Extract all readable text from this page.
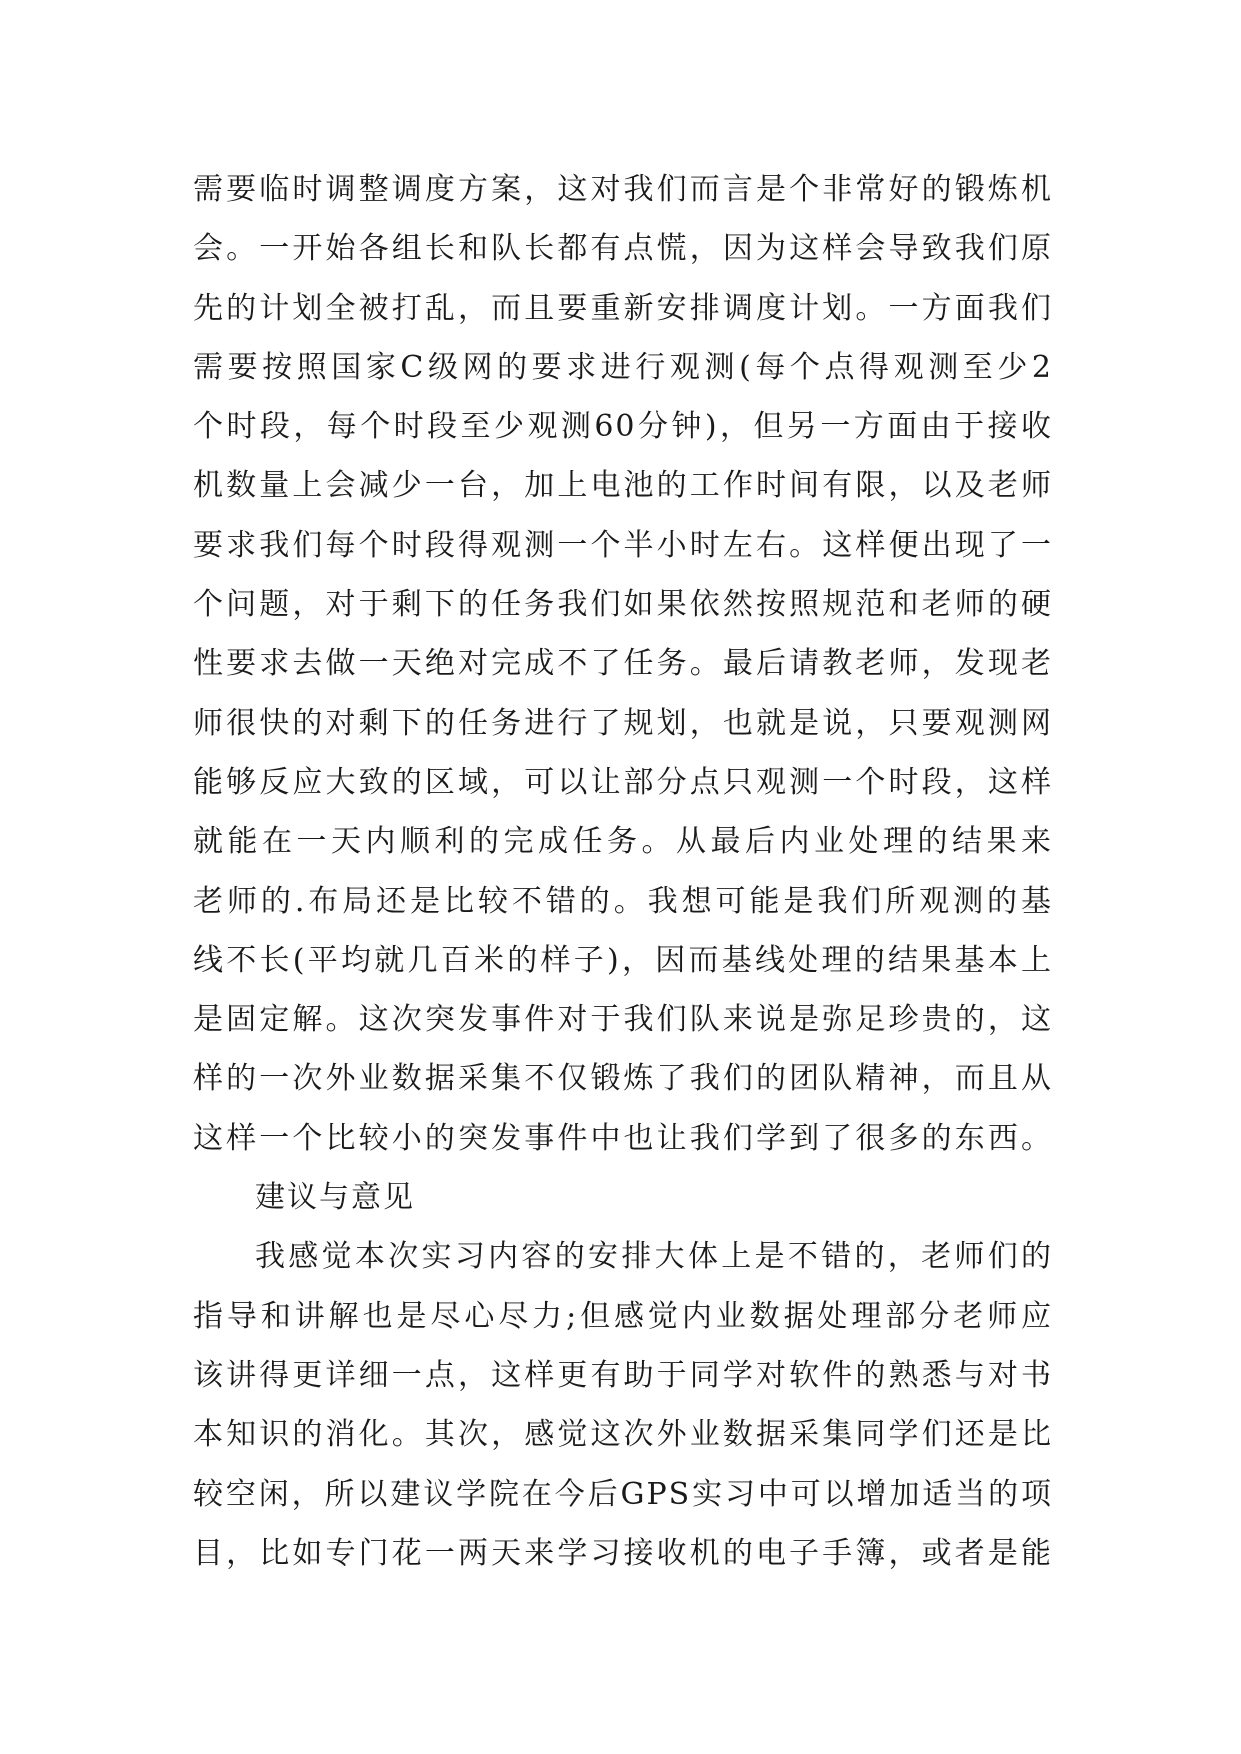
需要临时调整调度方案，这对我们而言是个非常好的锻炼机
会。一开始各组长和队长都有点慌，因为这样会导致我们原
先的计划全被打乱，而且要重新安排调度计划。一方面我们
需要按照国家C级网的要求进行观测(每个点得观测至少2
个时段，每个时段至少观测60分钟)，但另一方面由于接收
机数量上会减少一台，加上电池的工作时间有限，以及老师
要求我们每个时段得观测一个半小时左右。这样便出现了一
个问题，对于剩下的任务我们如果依然按照规范和老师的硬
性要求去做一天绝对完成不了任务。最后请教老师，发现老
师很快的对剩下的任务进行了规划，也就是说，只要观测网
能够反应大致的区域，可以让部分点只观测一个时段，这样
就能在一天内顺利的完成任务。从最后内业处理的结果来
老师的.布局还是比较不错的。我想可能是我们所观测的基
线不长(平均就几百米的样子)，因而基线处理的结果基本上
是固定解。这次突发事件对于我们队来说是弥足珍贵的，这
样的一次外业数据采集不仅锻炼了我们的团队精神，而且从
这样一个比较小的突发事件中也让我们学到了很多的东西。
建议与意见
我感觉本次实习内容的安排大体上是不错的，老师们的
指导和讲解也是尽心尽力;但感觉内业数据处理部分老师应
该讲得更详细一点，这样更有助于同学对软件的熟悉与对书
本知识的消化。其次，感觉这次外业数据采集同学们还是比
较空闲，所以建议学院在今后GPS实习中可以增加适当的项
目，比如专门花一两天来学习接收机的电子手簿，或者是能
